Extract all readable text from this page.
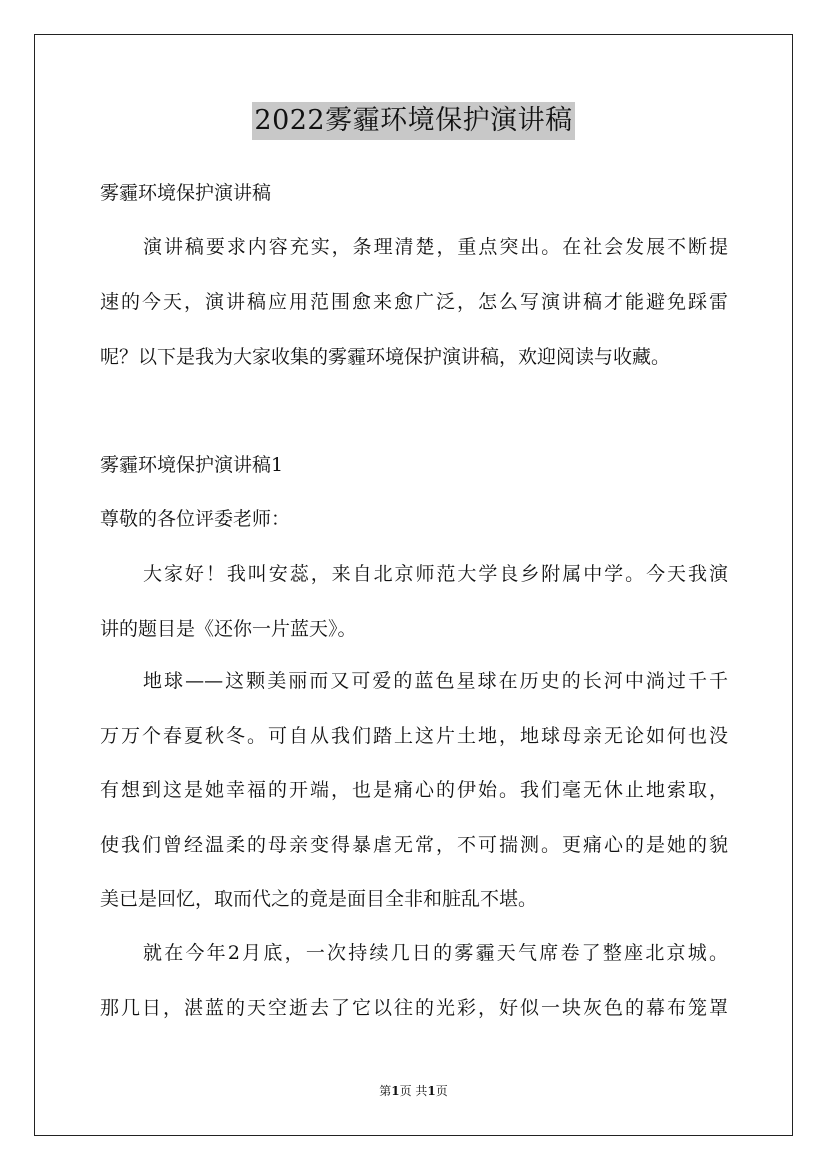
2022雾霾环境保护演讲稿
雾霾环境保护演讲稿
演讲稿要求内容充实，条理清楚，重点突出。在社会发展不断提
速的今天，演讲稿应用范围愈来愈广泛，怎么写演讲稿才能避免踩雷
呢？以下是我为大家收集的雾霾环境保护演讲稿，欢迎阅读与收藏。
雾霾环境保护演讲稿1
尊敬的各位评委老师：
大家好！我叫安蕊，来自北京师范大学良乡附属中学。今天我演
讲的题目是《还你一片蓝天》。
地球——这颗美丽而又可爱的蓝色星球在历史的长河中淌过千千
万万个春夏秋冬。可自从我们踏上这片土地，地球母亲无论如何也没
有想到这是她幸福的开端，也是痛心的伊始。我们毫无休止地索取，
使我们曾经温柔的母亲变得暴虐无常，不可揣测。更痛心的是她的貌
美已是回忆，取而代之的竟是面目全非和脏乱不堪。
就在今年2月底，一次持续几日的雾霾天气席卷了整座北京城。
那几日，湛蓝的天空逝去了它以往的光彩，好似一块灰色的幕布笼罩
第1页 共1页
